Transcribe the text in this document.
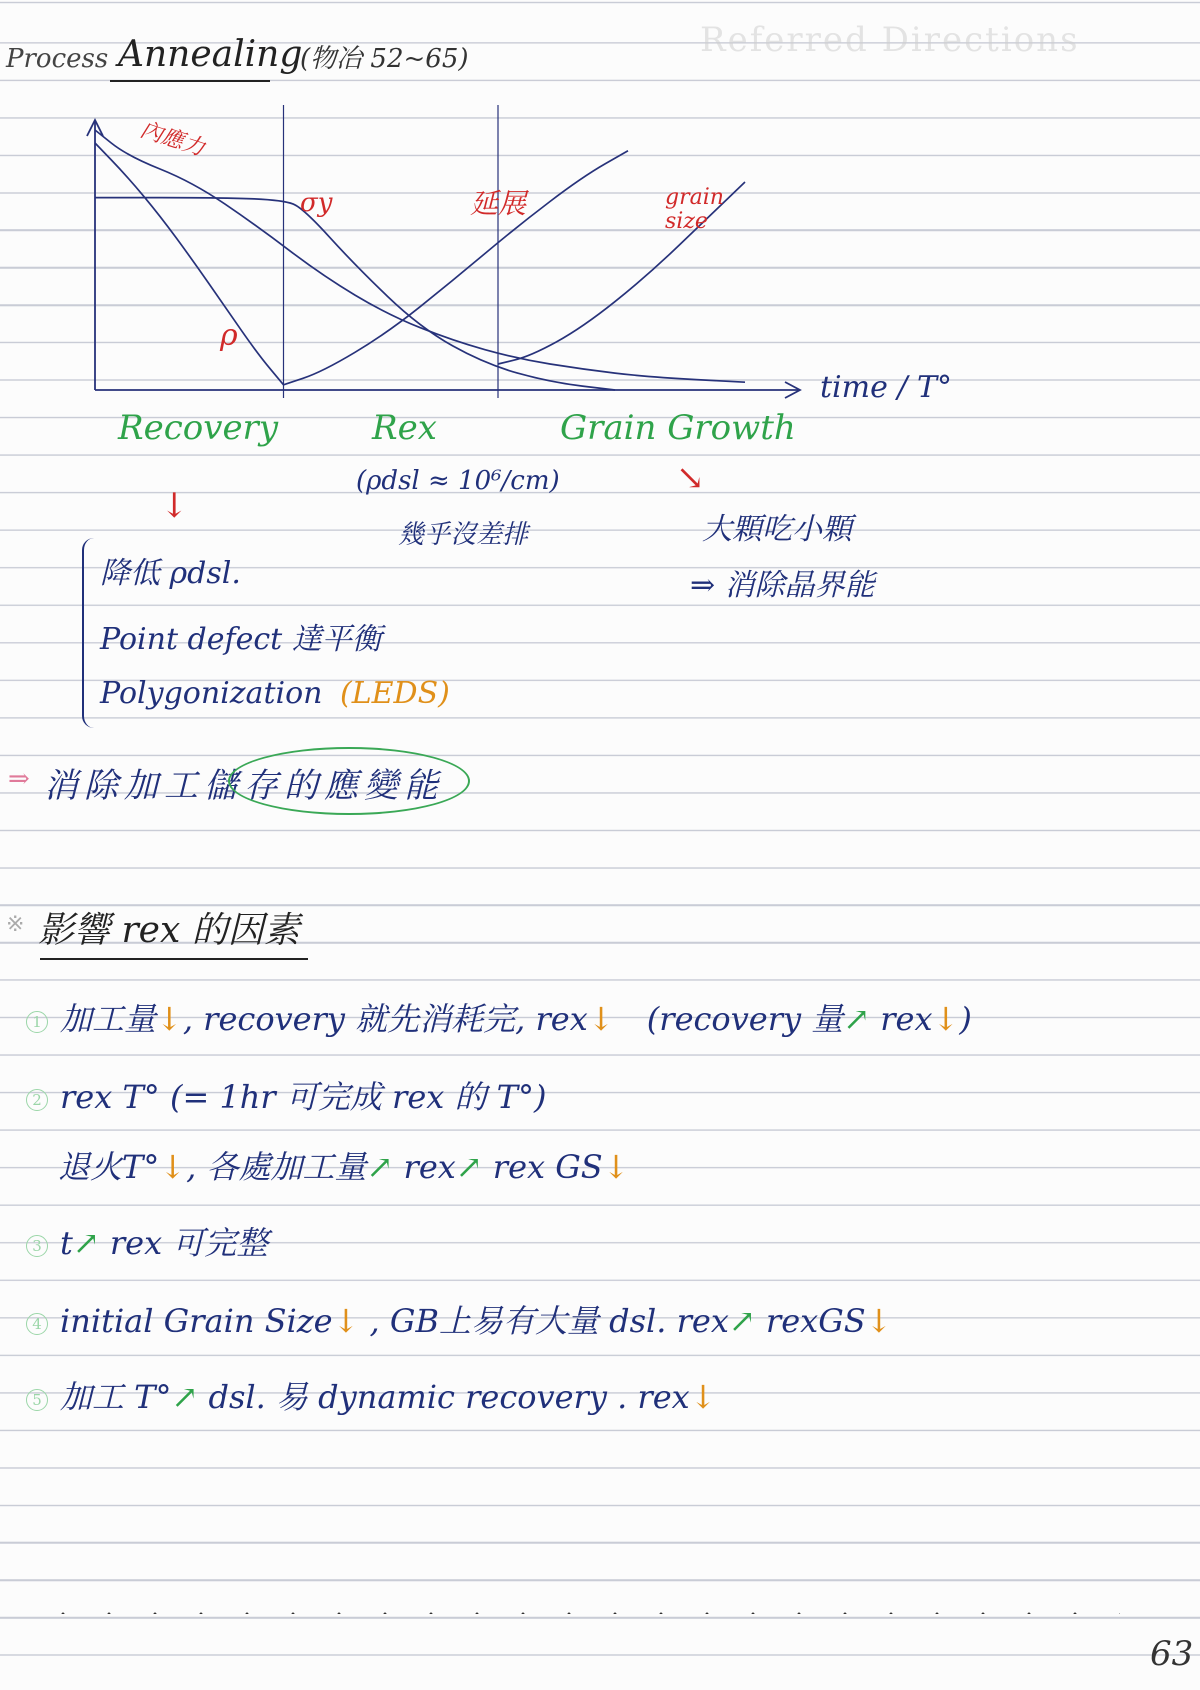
Referred Directions
Process Annealing
(物冶 52~65)
內應力
σy	延展	grain size
ρ
time / T°
Recovery	Rex	Grain Growth
(ρdsl ≈ 10⁶/cm)
幾乎沒差排
↘
大顆吃小顆
⇒ 消除晶界能
↓
降低 ρdsl.
Point defect 達平衡
Polygonization (LEDS)
⇒ 消除加工儲存的應變能
※ 影響 rex 的因素
1 加工量↓, recovery 就先消耗完, rex↓ (recovery 量↗ rex↓)
2 rex T° (= 1hr 可完成 rex 的 T°)
退火T°↓, 各處加工量↗ rex↗ rex GS↓
3 t↗ rex 可完整
4 initial Grain Size↓ , GB上易有大量 dsl. rex↗ rexGS↓
5 加工 T°↗ dsl. 易 dynamic recovery . rex↓
63
